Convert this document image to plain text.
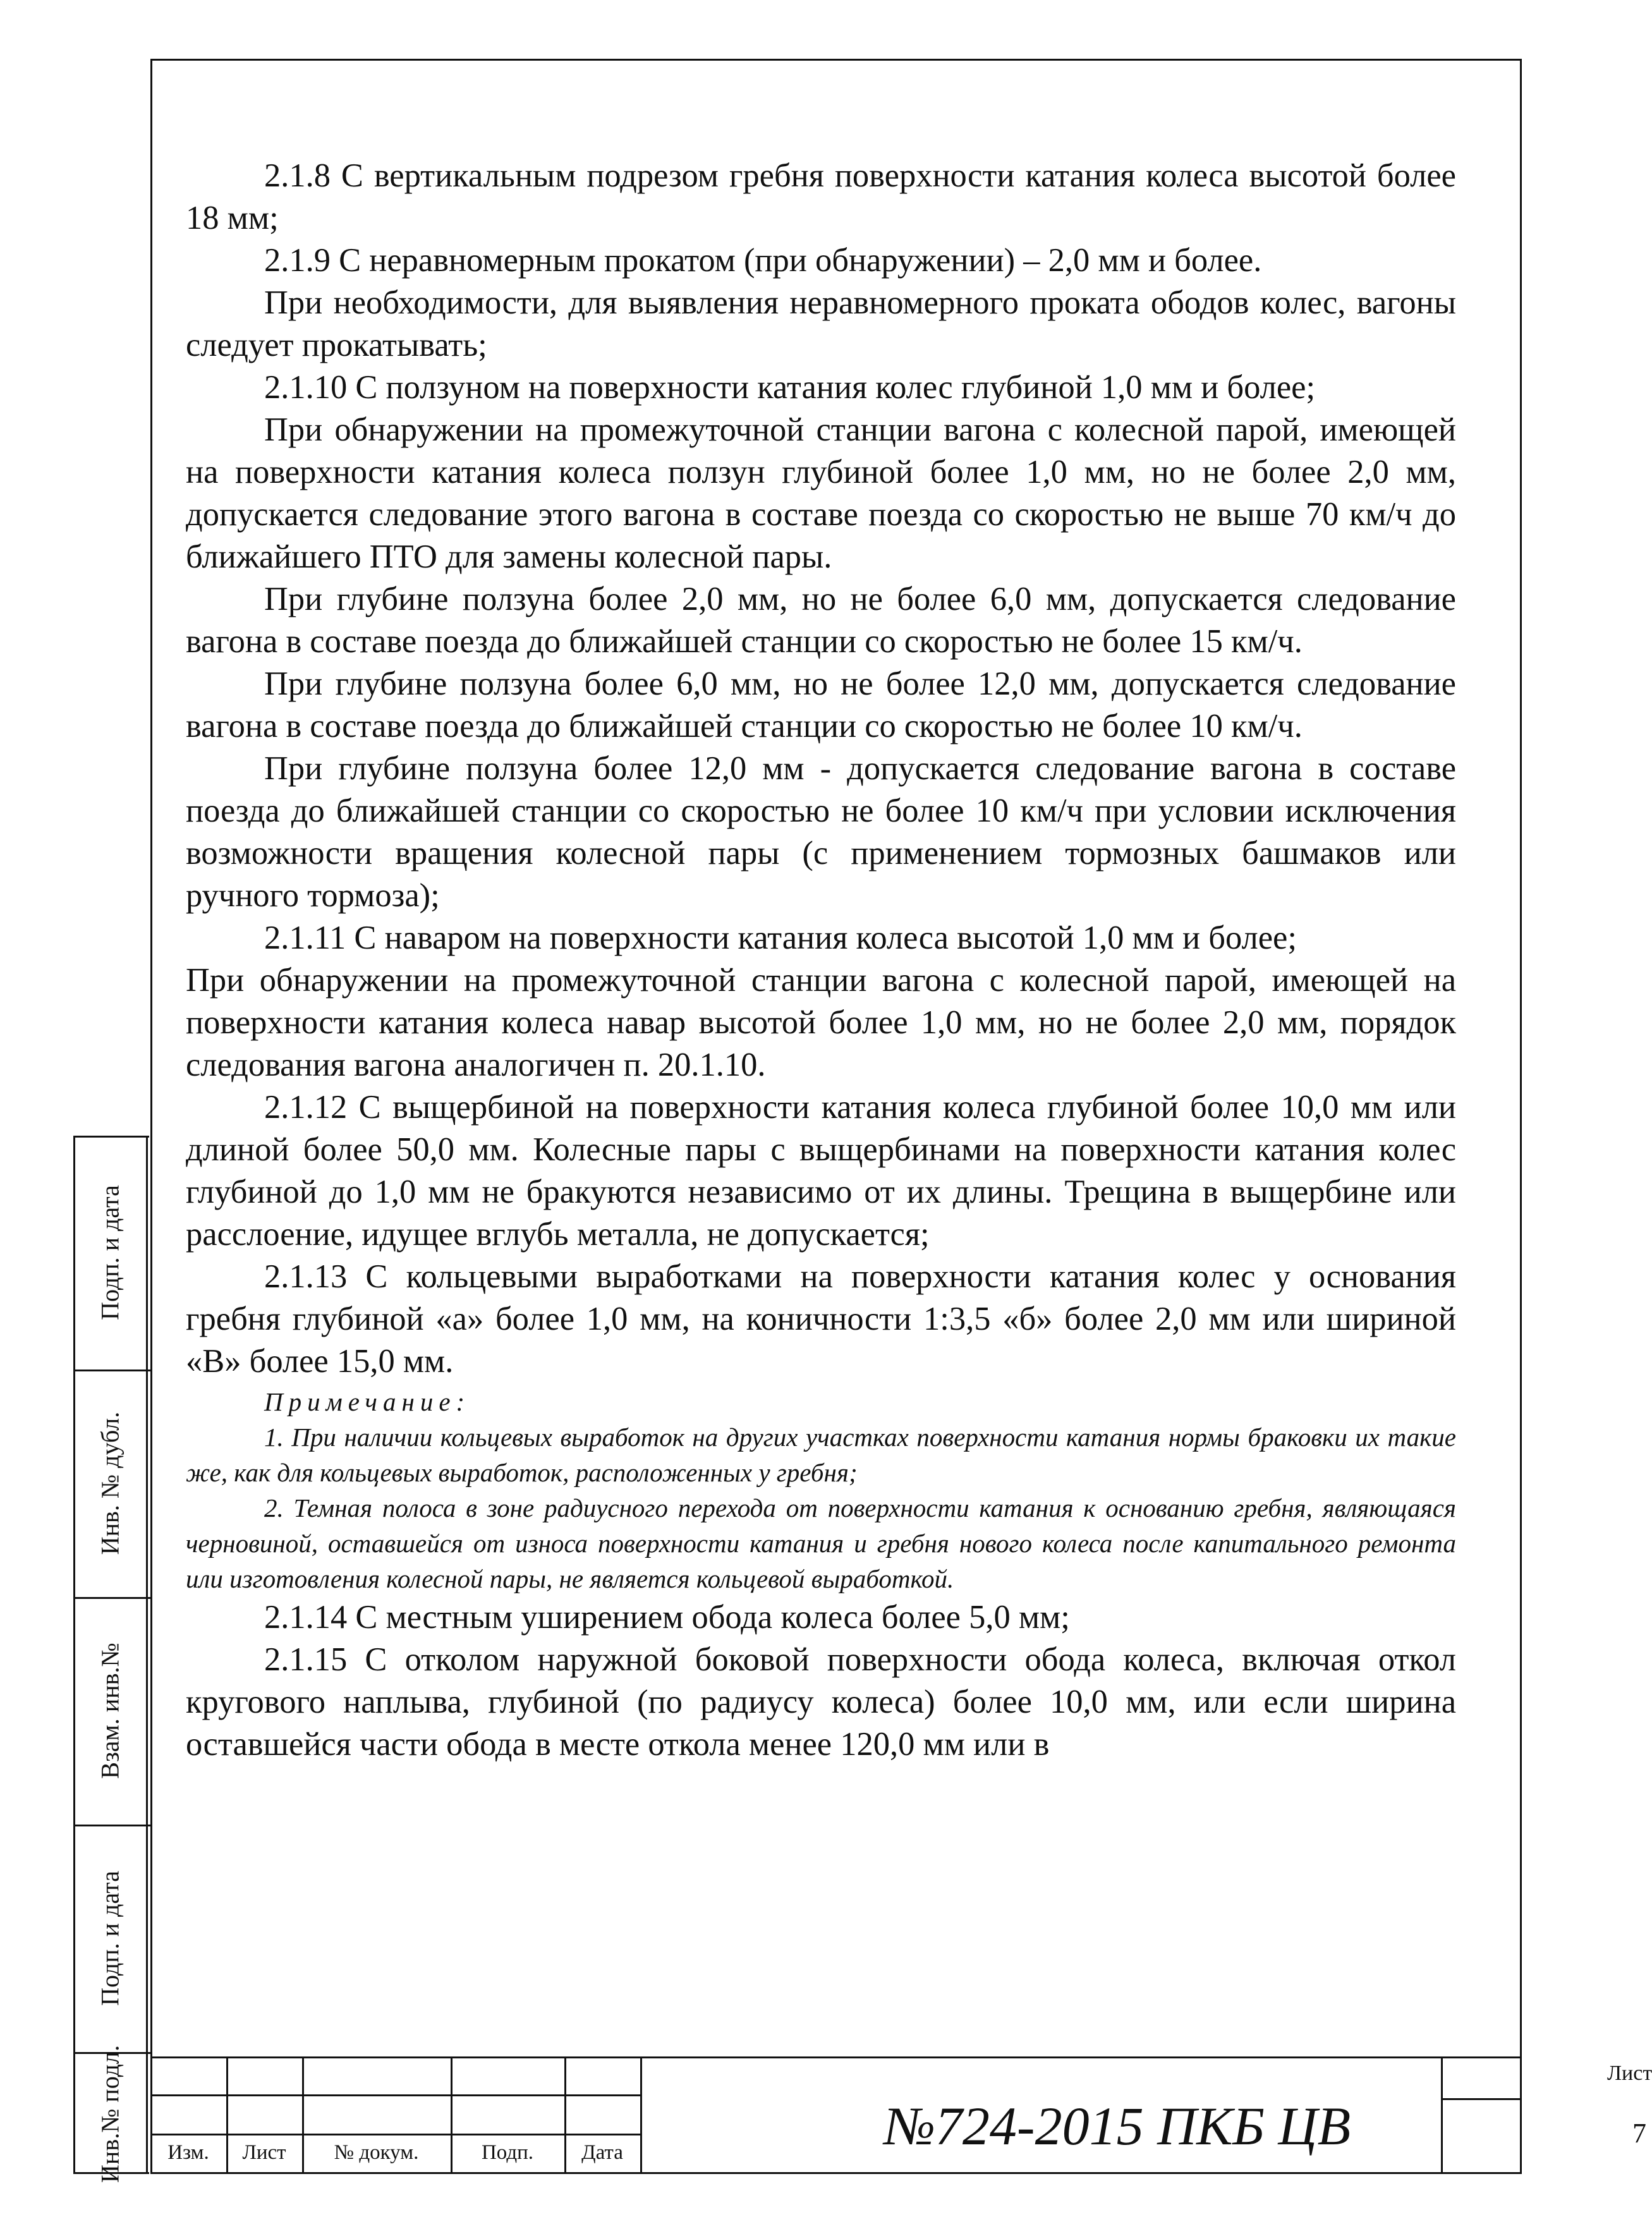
2.1.8 С вертикальным подрезом гребня поверхности катания колеса высотой более 18 мм;

2.1.9 С неравномерным прокатом (при обнаружении) – 2,0 мм и более.

При необходимости, для выявления неравномерного проката ободов колес, вагоны следует прокатывать;

2.1.10 С ползуном на поверхности катания колес глубиной 1,0 мм и более;

При обнаружении на промежуточной станции вагона с колесной парой, имеющей на поверхности катания колеса ползун глубиной более 1,0 мм, но не более 2,0 мм, допускается следование этого вагона в составе поезда со скоростью не выше 70 км/ч до ближайшего ПТО для замены колесной пары.

При глубине ползуна более 2,0 мм, но не более 6,0 мм, допускается следование вагона в составе поезда до ближайшей станции со скоростью не более 15 км/ч.

При глубине ползуна более 6,0 мм, но не более 12,0 мм, допускается следование вагона в составе поезда до ближайшей станции со скоростью не более 10 км/ч.

При глубине ползуна более 12,0 мм - допускается следование вагона в составе поезда до ближайшей станции со скоростью не более 10 км/ч при условии исключения возможности вращения колесной пары (с применением тормозных башмаков или ручного тормоза);

2.1.11 С наваром на поверхности катания колеса высотой 1,0 мм и более;

При обнаружении на промежуточной станции вагона с колесной парой, имеющей на поверхности катания колеса навар высотой более 1,0 мм, но не более 2,0 мм, порядок следования вагона аналогичен п. 20.1.10.

2.1.12 С выщербиной на поверхности катания колеса глубиной более 10,0 мм или длиной более 50,0 мм. Колесные пары с выщербинами на поверхности катания колес глубиной до 1,0 мм не бракуются независимо от их длины. Трещина в выщербине или расслоение, идущее вглубь металла, не допускается;

2.1.13 С кольцевыми выработками на поверхности катания колес у основания гребня глубиной «а» более 1,0 мм, на коничности 1:3,5 «б» более 2,0 мм или шириной «В» более 15,0 мм.

Примечание:

1. При наличии кольцевых выработок на других участках поверхности катания нормы браковки их такие же, как для кольцевых выработок, расположенных у гребня;

2. Темная полоса в зоне радиусного перехода от поверхности катания к основанию гребня, являющаяся черновиной, оставшейся от износа поверхности катания и гребня нового колеса после капитального ремонта или изготовления колесной пары, не является кольцевой выработкой.

2.1.14 С местным уширением обода колеса более 5,0 мм;

2.1.15 С отколом наружной боковой поверхности обода колеса, включая откол кругового наплыва, глубиной (по радиусу колеса) более 10,0 мм, или если ширина оставшейся части обода в месте откола менее 120,0 мм или в

Подп. и дата
Инв. № дубл.
Взам. инв.№
Подп. и дата
Инв.№ подл.	Изм.	Лист	№ докум.	Подп.	Дата	№724-2015 ПКБ ЦВ
Лист
7
